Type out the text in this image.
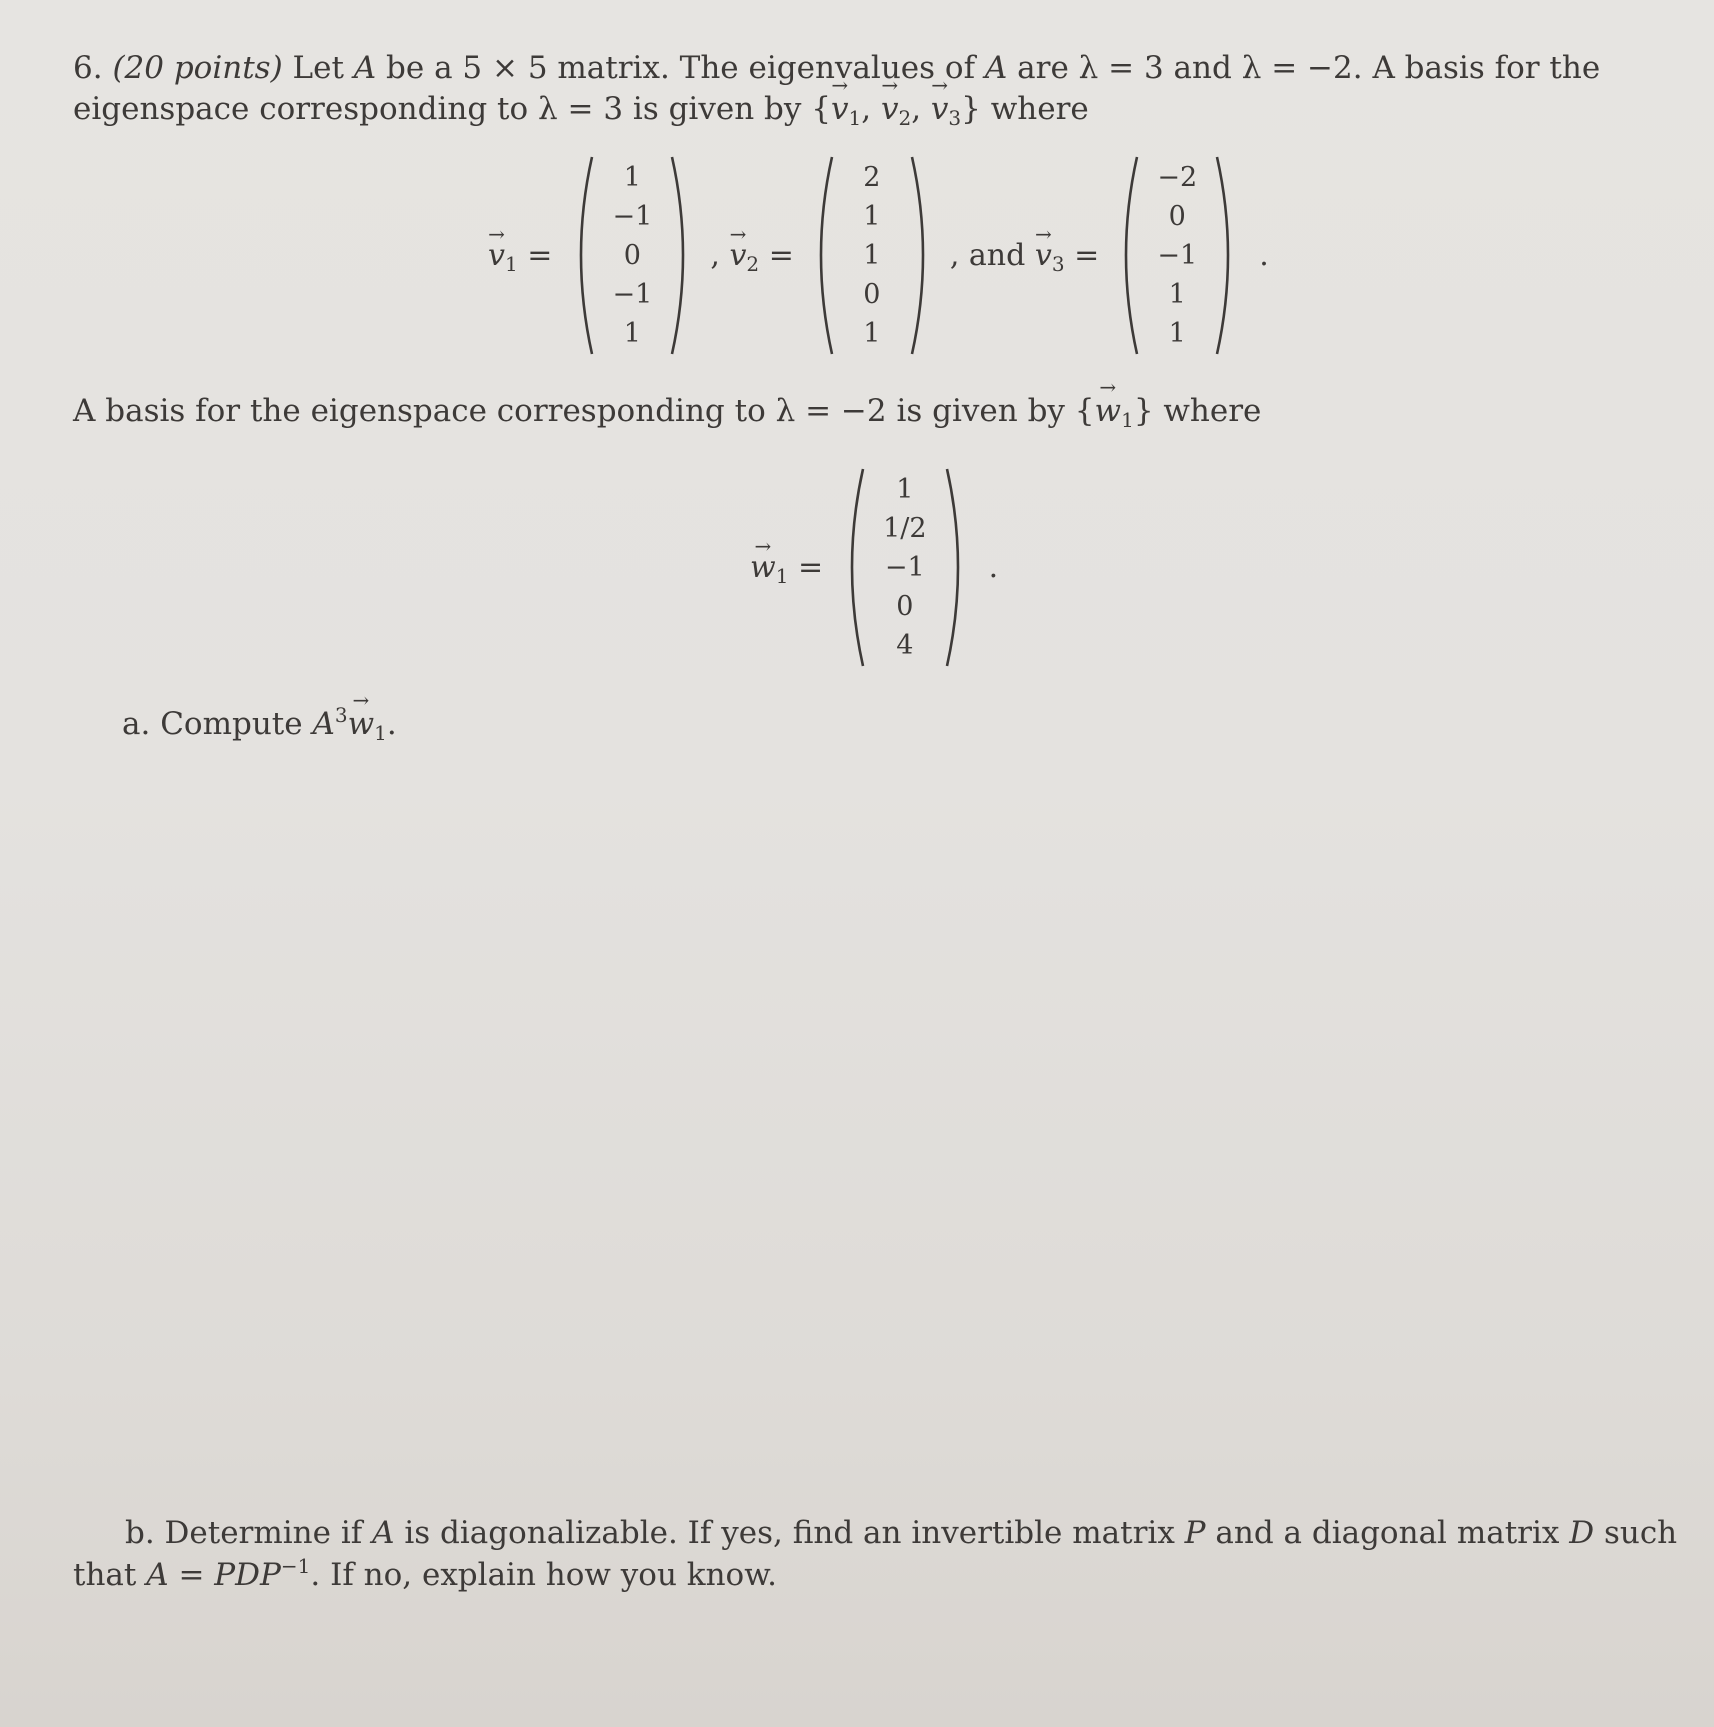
6. (20 points) Let A be a 5 × 5 matrix. The eigenvalues of A are λ = 3 and λ = −2. A basis for the
eigenspace corresponding to λ = 3 is given by {→ $v_1$, → $v_2$, → $v_3$} where
→ $v_1$ =
1
−1
0
−1
1
, → $v_2$ =
2
1
1
0
1
, and → $v_3$ =
−2
0
−1
1
1
.
A basis for the eigenspace corresponding to λ = −2 is given by {→ $w_1$} where
→ $w_1$ =
1
1/2
−1
0
4
.
a. Compute $A^3\to w_1$.
b. Determine if A is diagonalizable. If yes, find an invertible matrix P and a diagonal matrix D such
that $A = PDP^{-1}$. If no, explain how you know.
